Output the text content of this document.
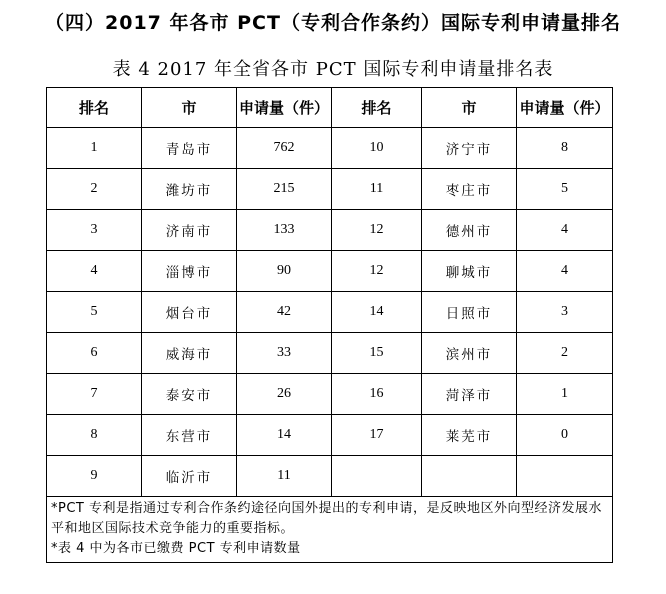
（四）2017 年各市 PCT（专利合作条约）国际专利申请量排名
表 4 2017 年全省各市 PCT 国际专利申请量排名表
排名	市	申请量（件）	排名	市	申请量（件）
1	青岛市	762	10	济宁市	8
2	潍坊市	215	11	枣庄市	5
3	济南市	133	12	德州市	4
4	淄博市	90	12	聊城市	4
5	烟台市	42	14	日照市	3
6	威海市	33	15	滨州市	2
7	泰安市	26	16	菏泽市	1
8	东营市	14	17	莱芜市	0
9	临沂市	11			

*PCT 专利是指通过专利合作条约途径向国外提出的专利申请，是反映地区外向型经济发展水平和地区国际技术竞争能力的重要指标。
*表 4 中为各市已缴费 PCT 专利申请数量					
